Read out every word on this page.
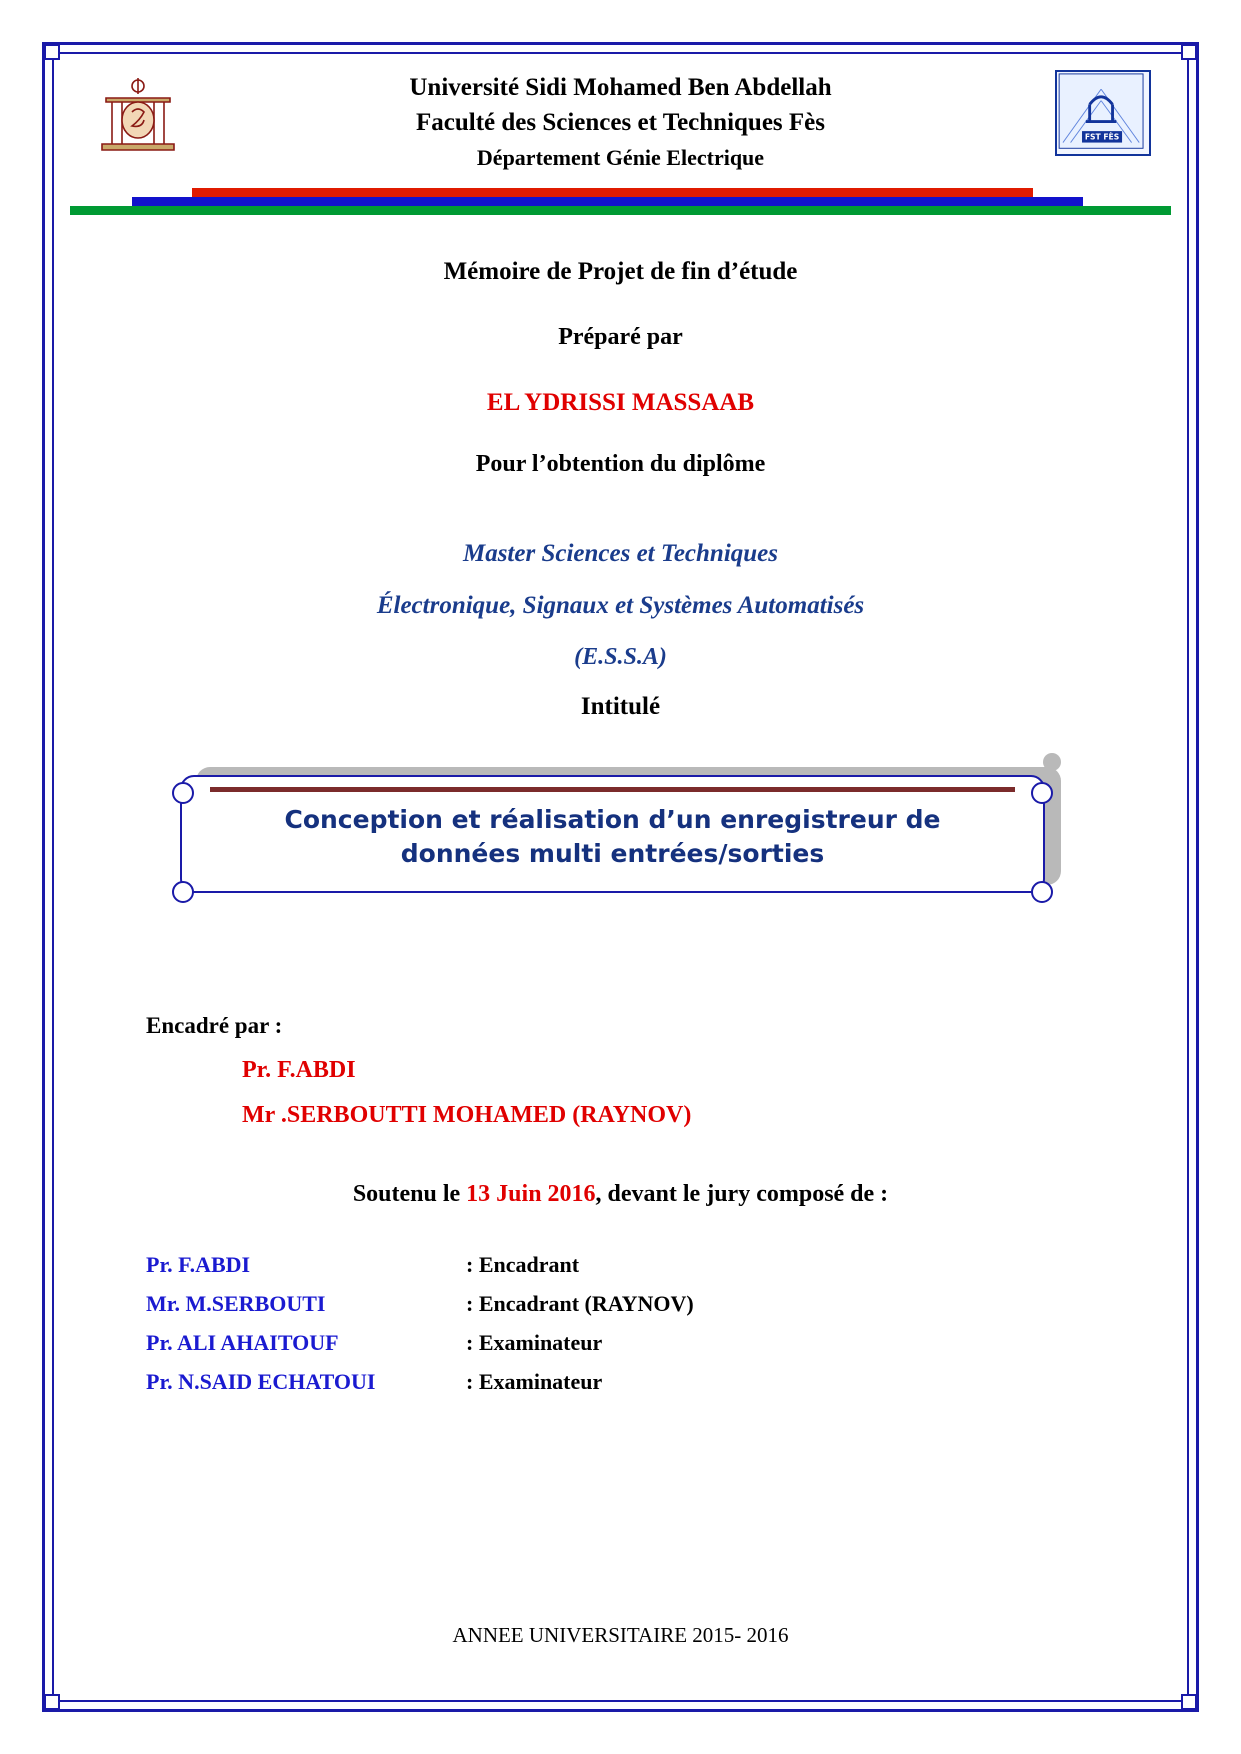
Université Sidi Mohamed Ben Abdellah
Faculté des Sciences et Techniques Fès
Département Génie Electrique
FST FÈS
Mémoire de Projet de fin d’étude
Préparé par
EL YDRISSI MASSAAB
Pour l’obtention du diplôme
Master Sciences et Techniques
Électronique, Signaux et Systèmes Automatisés
(E.S.S.A)
Intitulé
Conception et réalisation d’un enregistreur de
données multi entrées/sorties
Encadré par :
Pr. F.ABDI
Mr .SERBOUTTI MOHAMED (RAYNOV)
Soutenu le 13 Juin 2016, devant le jury composé de :
Pr. F.ABDI	: Encadrant
Mr. M.SERBOUTI	: Encadrant (RAYNOV)
Pr. ALI AHAITOUF	: Examinateur
Pr. N.SAID ECHATOUI	: Examinateur
ANNEE UNIVERSITAIRE 2015- 2016
